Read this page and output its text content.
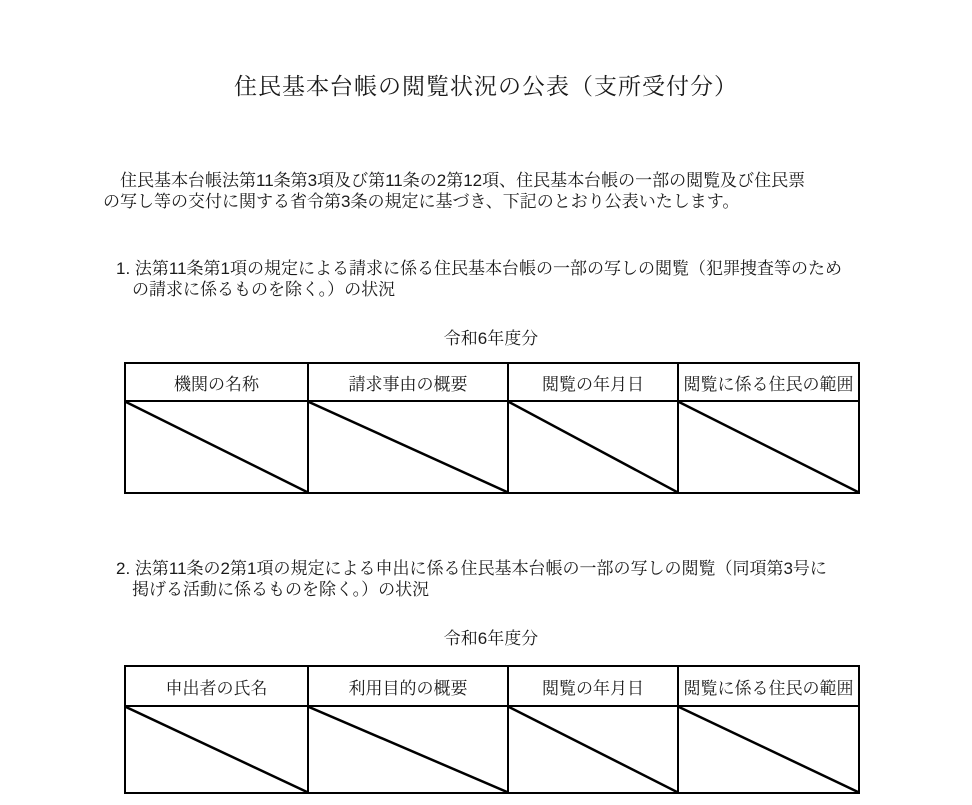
住民基本台帳の閲覧状況の公表（支所受付分）
　住民基本台帳法第11条第3項及び第11条の2第12項、住民基本台帳の一部の閲覧及び住民票
の写し等の交付に関する省令第3条の規定に基づき、下記のとおり公表いたします。
1. 法第11条第1項の規定による請求に係る住民基本台帳の一部の写しの閲覧（犯罪捜査等のため
の請求に係るものを除く。）の状況
令和6年度分
機関の名称	請求事由の概要	閲覧の年月日	閲覧に係る住民の範囲

2. 法第11条の2第1項の規定による申出に係る住民基本台帳の一部の写しの閲覧（同項第3号に
掲げる活動に係るものを除く。）の状況
令和6年度分
申出者の氏名	利用目的の概要	閲覧の年月日	閲覧に係る住民の範囲
